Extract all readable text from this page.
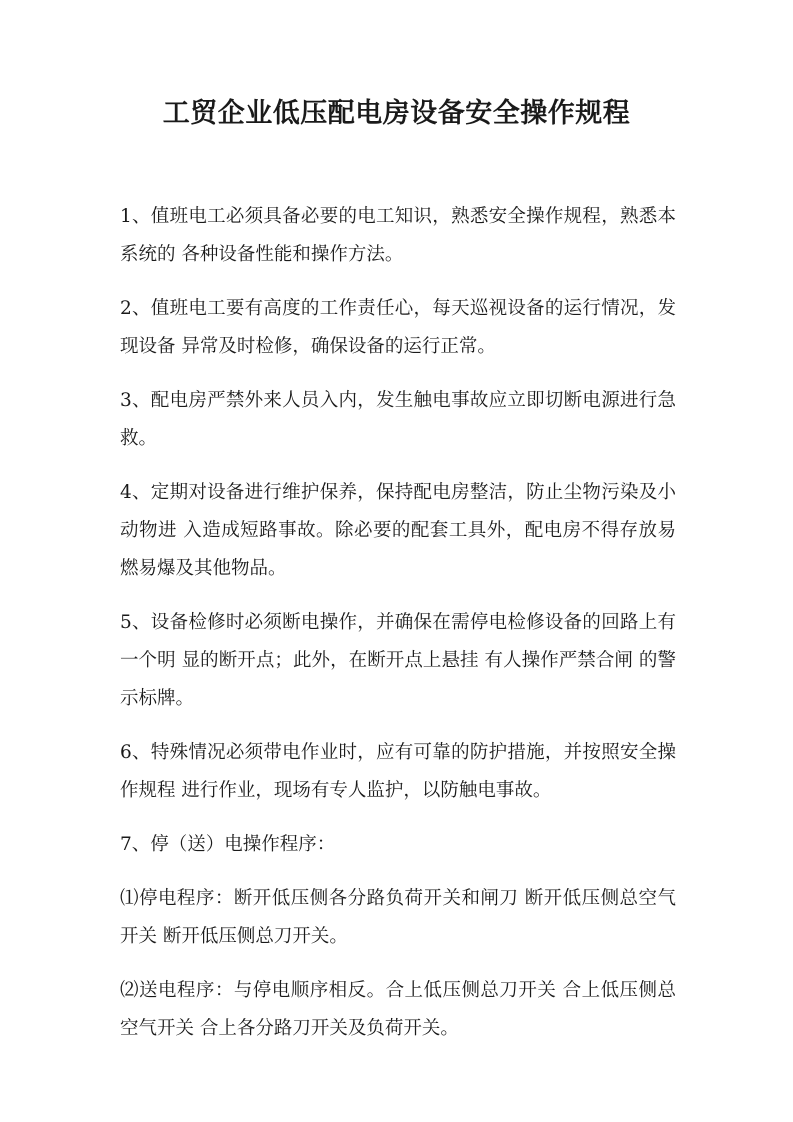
工贸企业低压配电房设备安全操作规程

1、值班电工必须具备必要的电工知识，熟悉安全操作规程，熟悉本系统的 各种设备性能和操作方法。

2、值班电工要有高度的工作责任心，每天巡视设备的运行情况，发现设备 异常及时检修，确保设备的运行正常。

3、配电房严禁外来人员入内，发生触电事故应立即切断电源进行急救。

4、定期对设备进行维护保养，保持配电房整洁，防止尘物污染及小动物进 入造成短路事故。除必要的配套工具外，配电房不得存放易燃易爆及其他物品。

5、设备检修时必须断电操作，并确保在需停电检修设备的回路上有一个明 显的断开点；此外，在断开点上悬挂 有人操作严禁合闸 的警示标牌。

6、特殊情况必须带电作业时，应有可靠的防护措施，并按照安全操作规程 进行作业，现场有专人监护，以防触电事故。

7、停（送）电操作程序：

⑴停电程序：断开低压侧各分路负荷开关和闸刀 断开低压侧总空气 开关 断开低压侧总刀开关。

⑵送电程序：与停电顺序相反。合上低压侧总刀开关 合上低压侧总 空气开关 合上各分路刀开关及负荷开关。
